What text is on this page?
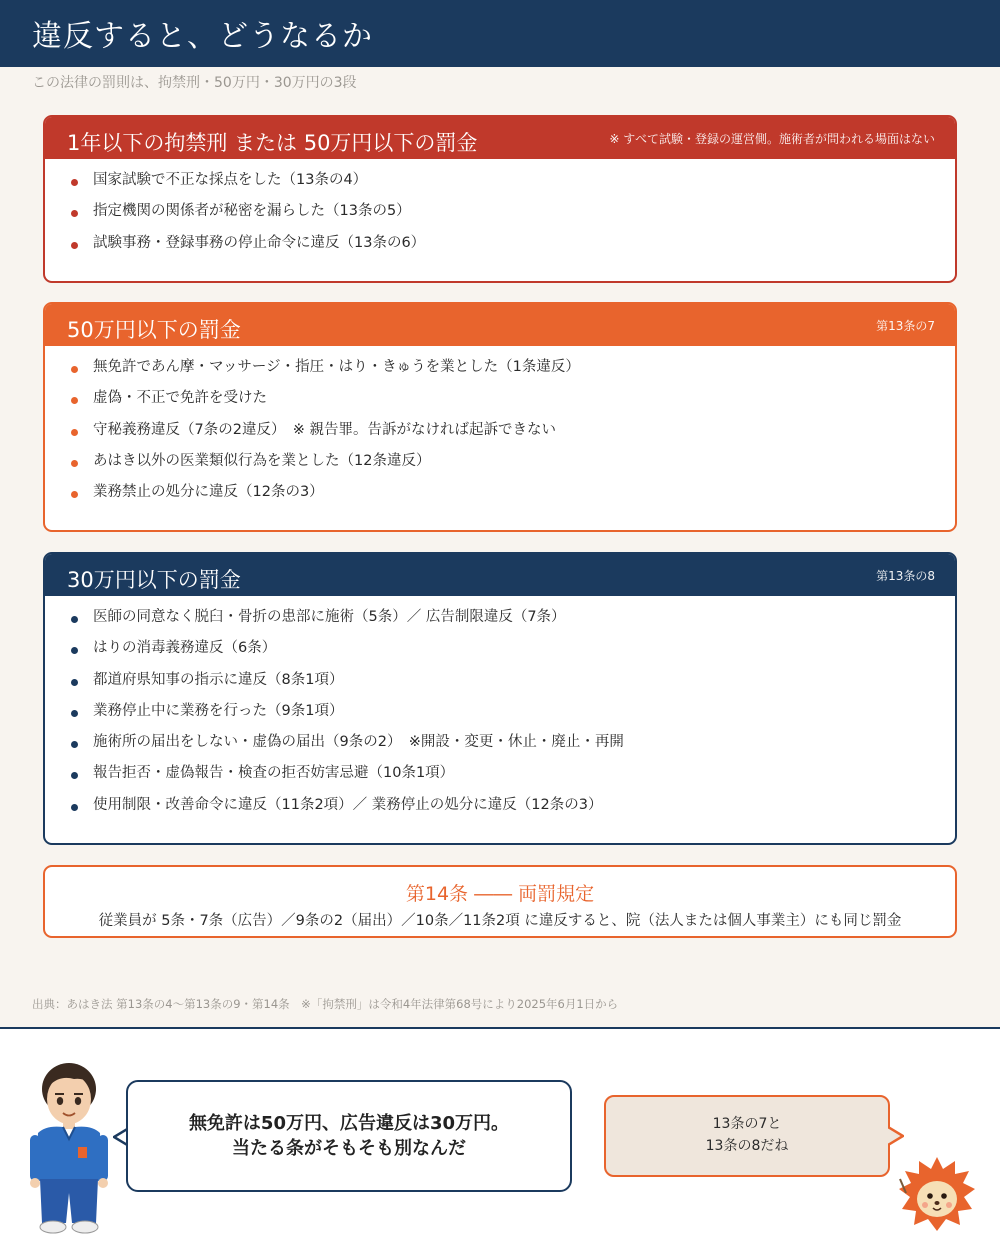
違反すると、どうなるか
この法律の罰則は、拘禁刑・50万円・30万円の3段
1年以下の拘禁刑 または 50万円以下の罰金	※ すべて試験・登録の運営側。施術者が問われる場面はない
国家試験で不正な採点をした（13条の4）
指定機関の関係者が秘密を漏らした（13条の5）
試験事務・登録事務の停止命令に違反（13条の6）
50万円以下の罰金	第13条の7
無免許であん摩・マッサージ・指圧・はり・きゅうを業とした（1条違反）
虚偽・不正で免許を受けた
守秘義務違反（7条の2違反）　※ 親告罪。告訴がなければ起訴できない
あはき以外の医業類似行為を業とした（12条違反）
業務禁止の処分に違反（12条の3）
30万円以下の罰金	第13条の8
医師の同意なく脱臼・骨折の患部に施術（5条）／ 広告制限違反（7条）
はりの消毒義務違反（6条）
都道府県知事の指示に違反（8条1項）
業務停止中に業務を行った（9条1項）
施術所の届出をしない・虚偽の届出（9条の2）　※開設・変更・休止・廃止・再開
報告拒否・虚偽報告・検査の拒否妨害忌避（10条1項）
使用制限・改善命令に違反（11条2項）／ 業務停止の処分に違反（12条の3）
第14条 ―― 両罰規定
従業員が 5条・7条（広告）／9条の2（届出）／10条／11条2項 に違反すると、院（法人または個人事業主）にも同じ罰金
出典：あはき法 第13条の4〜第13条の9・第14条　※「拘禁刑」は令和4年法律第68号により2025年6月1日から
無免許は50万円、広告違反は30万円。
当たる条がそもそも別なんだ
13条の7と
13条の8だね
